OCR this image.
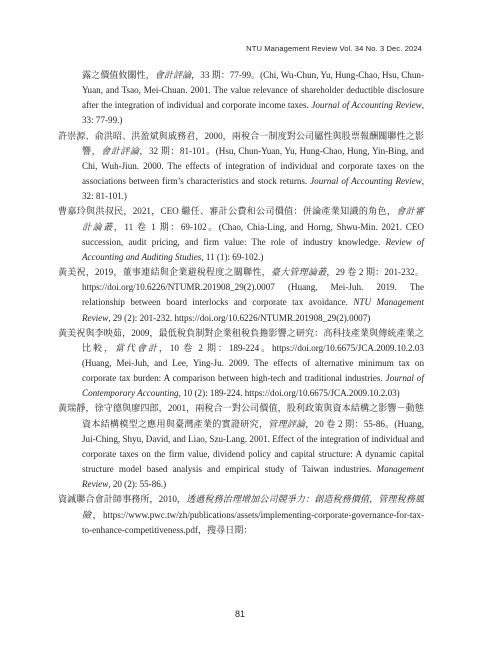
NTU Management Review Vol. 34 No. 3 Dec. 2024

露之價值攸關性，會計評論，33 期：77-99。(Chi, Wu-Chun, Yu, Hung-Chao, Hsu, Chun-Yuan, and Tsao, Mei-Chuan. 2001. The value relevance of shareholder deductible disclosure after the integration of individual and corporate income taxes. Journal of Accounting Review, 33: 77-99.)

許崇源、俞洪昭、洪盈斌與戚務君，2000，兩稅合一制度對公司屬性與股票報酬關聯性之影響，會計評論，32 期：81-101。(Hsu, Chun-Yuan, Yu, Hung-Chao, Hung, Yin-Bing, and Chi, Wuh-Jiun. 2000. The effects of integration of individual and corporate taxes on the associations between firm’s characteristics and stock returns. Journal of Accounting Review, 32: 81-101.)

曹嘉玲與洪叔民，2021，CEO 繼任、審計公費和公司價值：併論產業知識的角色，會計審計論叢，11 卷 1 期：69-102。(Chao, Chia-Ling, and Horng, Shwu-Min. 2021. CEO succession, audit pricing, and firm value: The role of industry knowledge. Review of Accounting and Auditing Studies, 11 (1): 69-102.)

黃美祝，2019，董事連結與企業避稅程度之關聯性，臺大管理論叢，29 卷 2 期：201-232。https://doi.org/10.6226/NTUMR.201908_29(2).0007 (Huang, Mei-Juh. 2019. The relationship between board interlocks and corporate tax avoidance. NTU Management Review, 29 (2): 201-232. https://doi.org/10.6226/NTUMR.201908_29(2).0007)

黃美祝與李映茹，2009，最低稅負制對企業租稅負擔影響之研究：高科技產業與傳統產業之比較，當代會計，10 卷 2 期：189-224。https://doi.org/10.6675/JCA.2009.10.2.03 (Huang, Mei-Juh, and Lee, Ying-Ju. 2009. The effects of alternative minimum tax on corporate tax burden: A comparison between high-tech and traditional industries. Journal of Contemporary Accounting, 10 (2): 189-224. https://doi.org/10.6675/JCA.2009.10.2.03)

黃瑞靜，徐守德與廖四郎，2001，兩稅合一對公司價值，股利政策與資本結構之影響－動態資本結構模型之應用與臺灣產業的實證研究，管理評論，20 卷 2 期：55-86。(Huang, Jui-Ching, Shyu, David, and Liao, Szu-Lang. 2001. Effect of the integration of individual and corporate taxes on the firm value, dividend policy and capital structure: A dynamic capital structure model based analysis and empirical study of Taiwan industries. Management Review, 20 (2): 55-86.)

資誠聯合會計師事務所，2010，透過稅務治理增加公司競爭力：創造稅務價值，管理稅務風險，https://www.pwc.tw/zh/publications/assets/implementing-corporate-governance-for-tax-to-enhance-competitiveness.pdf，搜尋日期：

81
